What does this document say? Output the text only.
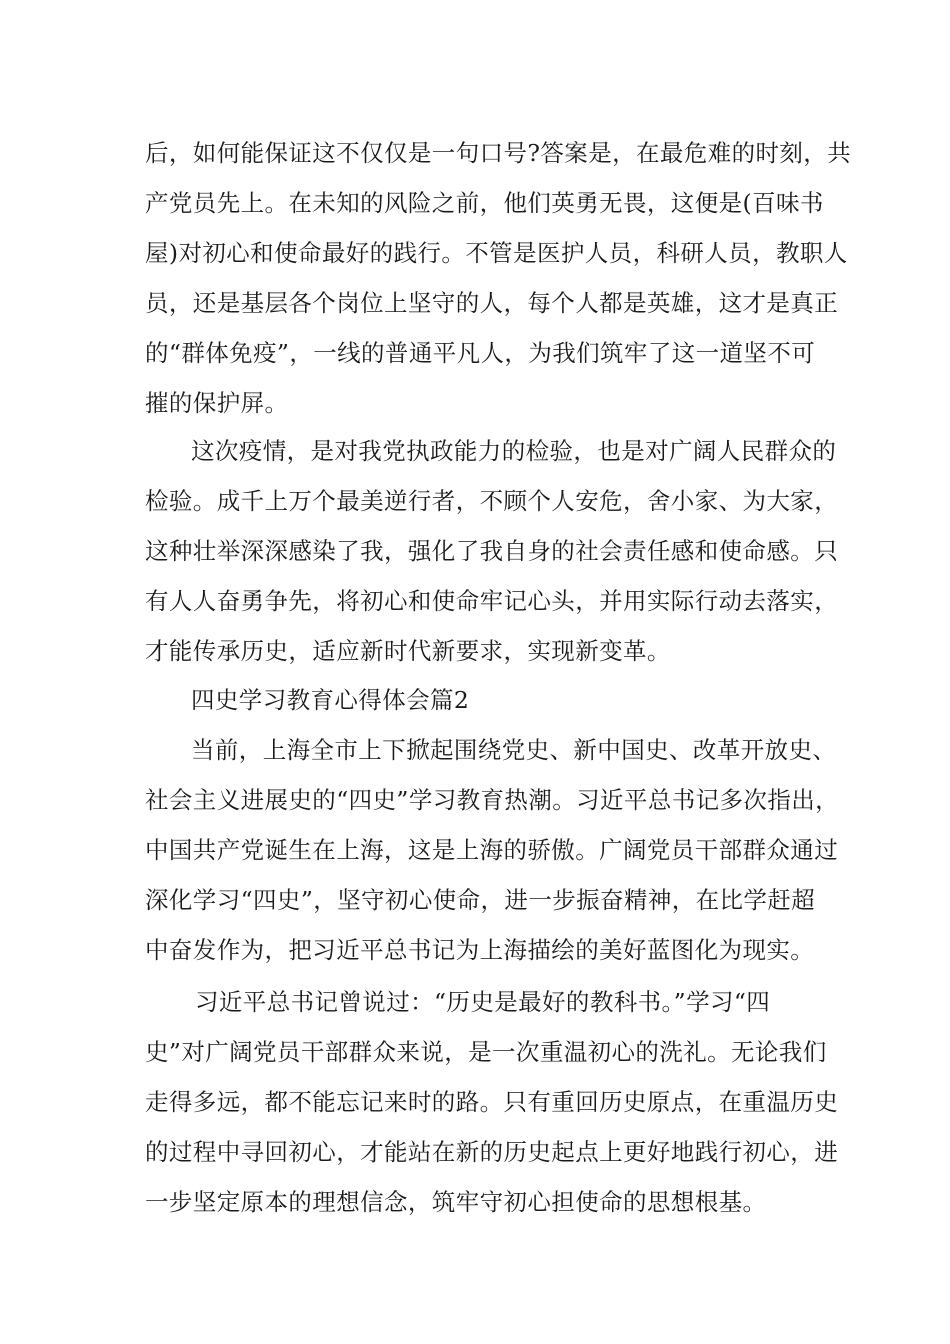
后，如何能保证这不仅仅是一句口号?答案是，在最危难的时刻，共
产党员先上。在未知的风险之前，他们英勇无畏，这便是(百味书
屋)对初心和使命最好的践行。不管是医护人员，科研人员，教职人
员，还是基层各个岗位上坚守的人，每个人都是英雄，这才是真正
的“群体免疫”，一线的普通平凡人，为我们筑牢了这一道坚不可
摧的保护屏。
这次疫情，是对我党执政能力的检验，也是对广阔人民群众的
检验。成千上万个最美逆行者，不顾个人安危，舍小家、为大家，
这种壮举深深感染了我，强化了我自身的社会责任感和使命感。只
有人人奋勇争先，将初心和使命牢记心头，并用实际行动去落实，
才能传承历史，适应新时代新要求，实现新变革。
四史学习教育心得体会篇2
当前，上海全市上下掀起围绕党史、新中国史、改革开放史、
社会主义进展史的“四史”学习教育热潮。习近平总书记多次指出，
中国共产党诞生在上海，这是上海的骄傲。广阔党员干部群众通过
深化学习“四史”，坚守初心使命，进一步振奋精神，在比学赶超
中奋发作为，把习近平总书记为上海描绘的美好蓝图化为现实。
习近平总书记曾说过：“历史是最好的教科书。”学习“四
史”对广阔党员干部群众来说，是一次重温初心的洗礼。无论我们
走得多远，都不能忘记来时的路。只有重回历史原点，在重温历史
的过程中寻回初心，才能站在新的历史起点上更好地践行初心，进
一步坚定原本的理想信念，筑牢守初心担使命的思想根基。
